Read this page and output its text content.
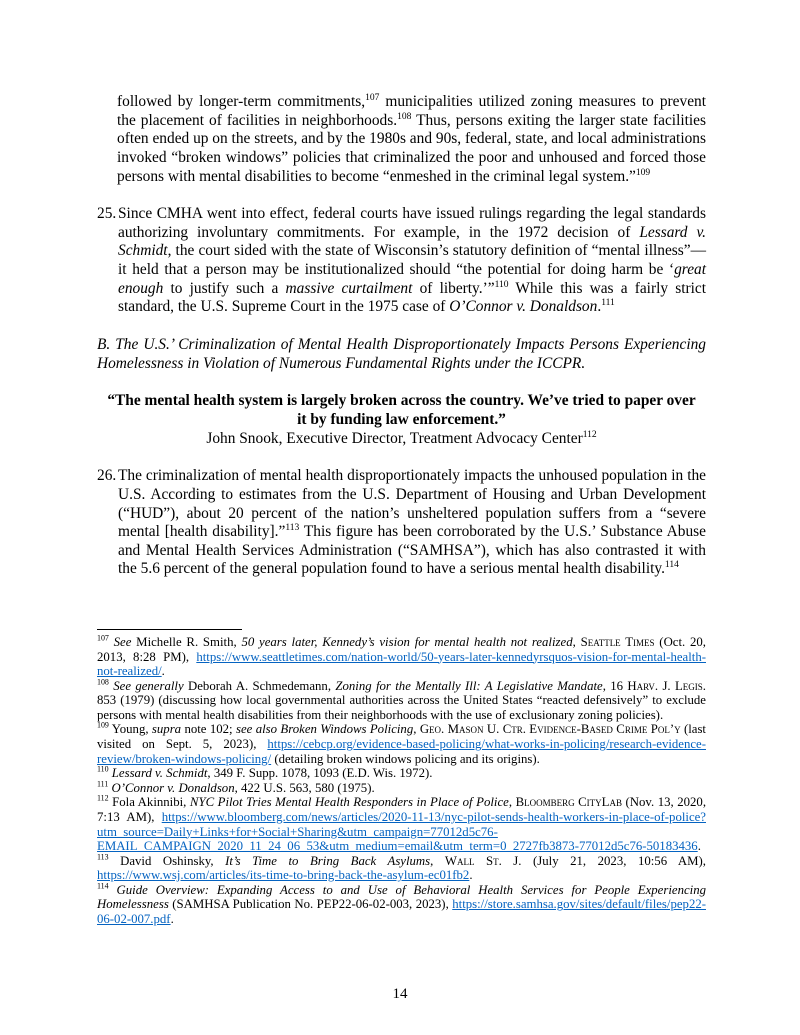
followed by longer-term commitments,$^{107}$ municipalities utilized zoning measures to prevent the placement of facilities in neighborhoods.$^{108}$ Thus, persons exiting the larger state facilities often ended up on the streets, and by the 1980s and 90s, federal, state, and local administrations invoked “broken windows” policies that criminalized the poor and unhoused and forced those persons with mental disabilities to become “enmeshed in the criminal legal system.”$^{109}$
25. Since CMHA went into effect, federal courts have issued rulings regarding the legal standards authorizing involuntary commitments. For example, in the 1972 decision of Lessard v. Schmidt, the court sided with the state of Wisconsin’s statutory definition of “mental illness”—it held that a person may be institutionalized should “the potential for doing harm be ‘great enough to justify such a massive curtailment of liberty.’”$^{110}$ While this was a fairly strict standard, the U.S. Supreme Court in the 1975 case of O’Connor v. Donaldson.$^{111}$
B. The U.S.’ Criminalization of Mental Health Disproportionately Impacts Persons Experiencing Homelessness in Violation of Numerous Fundamental Rights under the ICCPR.
“The mental health system is largely broken across the country. We’ve tried to paper over it by funding law enforcement.”
John Snook, Executive Director, Treatment Advocacy Center$^{112}$
26. The criminalization of mental health disproportionately impacts the unhoused population in the U.S. According to estimates from the U.S. Department of Housing and Urban Development (“HUD”), about 20 percent of the nation’s unsheltered population suffers from a “severe mental [health disability].”$^{113}$ This figure has been corroborated by the U.S.’ Substance Abuse and Mental Health Services Administration (“SAMHSA”), which has also contrasted it with the 5.6 percent of the general population found to have a serious mental health disability.$^{114}$
$^{107}$ See Michelle R. Smith, 50 years later, Kennedy’s vision for mental health not realized, Seattle Times (Oct. 20, 2013, 8:28 PM), https://www.seattletimes.com/nation-world/50-years-later-kennedyrsquos-vision-for-mental-health-not-realized/.
$^{108}$ See generally Deborah A. Schmedemann, Zoning for the Mentally Ill: A Legislative Mandate, 16 Harv. J. Legis. 853 (1979) (discussing how local governmental authorities across the United States “reacted defensively” to exclude persons with mental health disabilities from their neighborhoods with the use of exclusionary zoning policies).
$^{109}$ Young, supra note 102; see also Broken Windows Policing, Geo. Mason U. Ctr. Evidence-Based Crime Pol’y (last visited on Sept. 5, 2023), https://cebcp.org/evidence-based-policing/what-works-in-policing/research-evidence-review/broken-windows-policing/ (detailing broken windows policing and its origins).
$^{110}$ Lessard v. Schmidt, 349 F. Supp. 1078, 1093 (E.D. Wis. 1972).
$^{111}$ O’Connor v. Donaldson, 422 U.S. 563, 580 (1975).
$^{112}$ Fola Akinnibi, NYC Pilot Tries Mental Health Responders in Place of Police, Bloomberg CityLab (Nov. 13, 2020, 7:13 AM), https://www.bloomberg.com/news/articles/2020-11-13/nyc-pilot-sends-health-workers-in-place-of-police?utm_source=Daily+Links+for+Social+Sharing&utm_campaign=77012d5c76-EMAIL_CAMPAIGN_2020_11_24_06_53&utm_medium=email&utm_term=0_2727fb3873-77012d5c76-50183436.
$^{113}$ David Oshinsky, It’s Time to Bring Back Asylums, Wall St. J. (July 21, 2023, 10:56 AM), https://www.wsj.com/articles/its-time-to-bring-back-the-asylum-ec01fb2.
$^{114}$ Guide Overview: Expanding Access to and Use of Behavioral Health Services for People Experiencing Homelessness (SAMHSA Publication No. PEP22-06-02-003, 2023), https://store.samhsa.gov/sites/default/files/pep22-06-02-007.pdf.
14
